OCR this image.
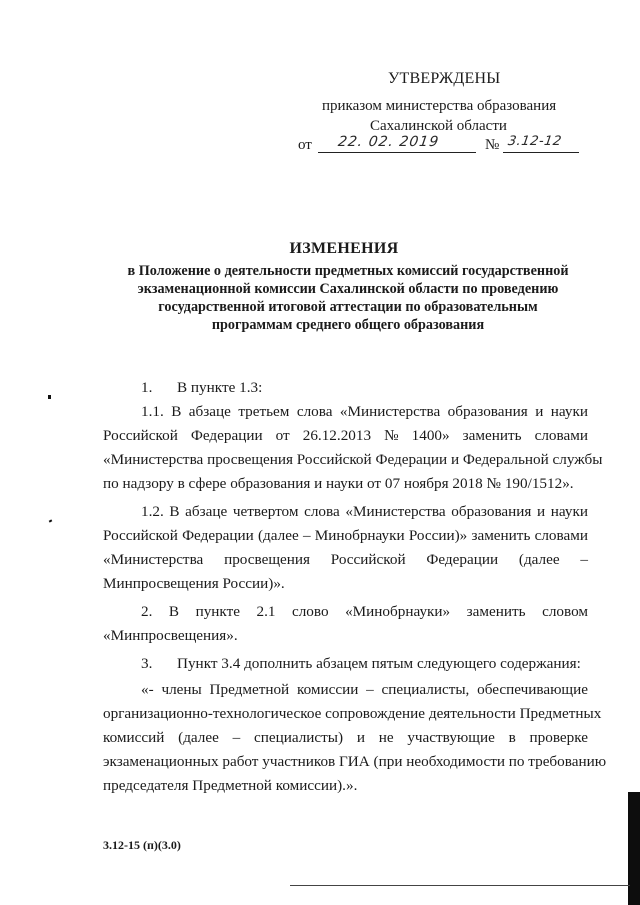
УТВЕРЖДЕНЫ
приказом министерства образования
Сахалинской области
от 22. 02. 2019	№ 3.12-12
ИЗМЕНЕНИЯ
в Положение о деятельности предметных комиссий государственной
экзаменационной комиссии Сахалинской области по проведению
государственной итоговой аттестации по образовательным
программам среднего общего образования
1.	В пункте 1.3:
1.1. В абзаце третьем слова «Министерства образования и науки
Российской Федерации от 26.12.2013 № 1400» заменить словами
«Министерства просвещения Российской Федерации и Федеральной службы
по надзору в сфере образования и науки от 07 ноября 2018 № 190/1512».
1.2. В абзаце четвертом слова «Министерства образования и науки
Российской Федерации (далее – Минобрнауки России)» заменить словами
«Министерства просвещения Российской Федерации (далее –
Минпросвещения России)».
2. В пункте 2.1 слово «Минобрнауки» заменить словом
«Минпросвещения».
3.	Пункт 3.4 дополнить абзацем пятым следующего содержания:
«- члены Предметной комиссии – специалисты, обеспечивающие
организационно-технологическое сопровождение деятельности Предметных
комиссий (далее – специалисты) и не участвующие в проверке
экзаменационных работ участников ГИА (при необходимости по требованию
председателя Предметной комиссии).».
3.12-15 (п)(3.0)
